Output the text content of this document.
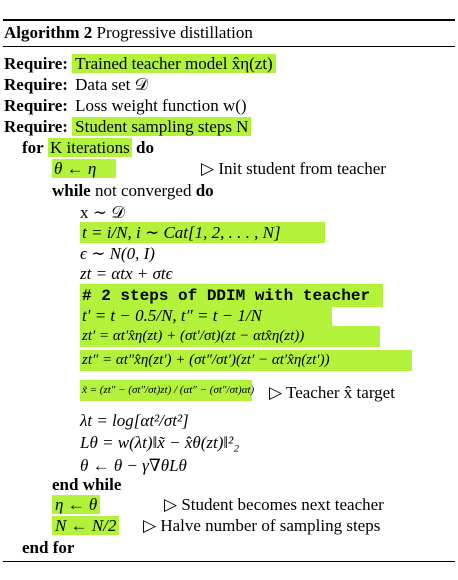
Algorithm 2 Progressive distillation
Require: Trained teacher model x̂η(zt)
Require: Data set 𝒟
Require: Loss weight function w()
Require: Student sampling steps N
for K iterations do
θ ← η	▷ Init student from teacher
while not converged do
x ∼ 𝒟
t = i/N, i ∼ Cat[1, 2, . . . , N]
ϵ ∼ N(0, I)
zt = αtx + σtϵ
# 2 steps of DDIM with teacher
t′ = t − 0.5/N, t″ = t − 1/N
zt′ = αt′x̂η(zt) + (σt′/σt)(zt − αtx̂η(zt))
zt″ = αt″x̂η(zt′) + (σt″/σt′)(zt′ − αt′x̂η(zt′))
x̃ = (zt″ − (σt″/σt)zt) / (αt″ − (σt″/σt)αt) ▷ Teacher x̂ target
λt = log[αt²/σt²]
Lθ = w(λt)‖x̃ − x̂θ(zt)‖²₂
θ ← θ − γ∇θLθ
end while
η ← θ	▷ Student becomes next teacher
N ← N/2 ▷ Halve number of sampling steps
end for
